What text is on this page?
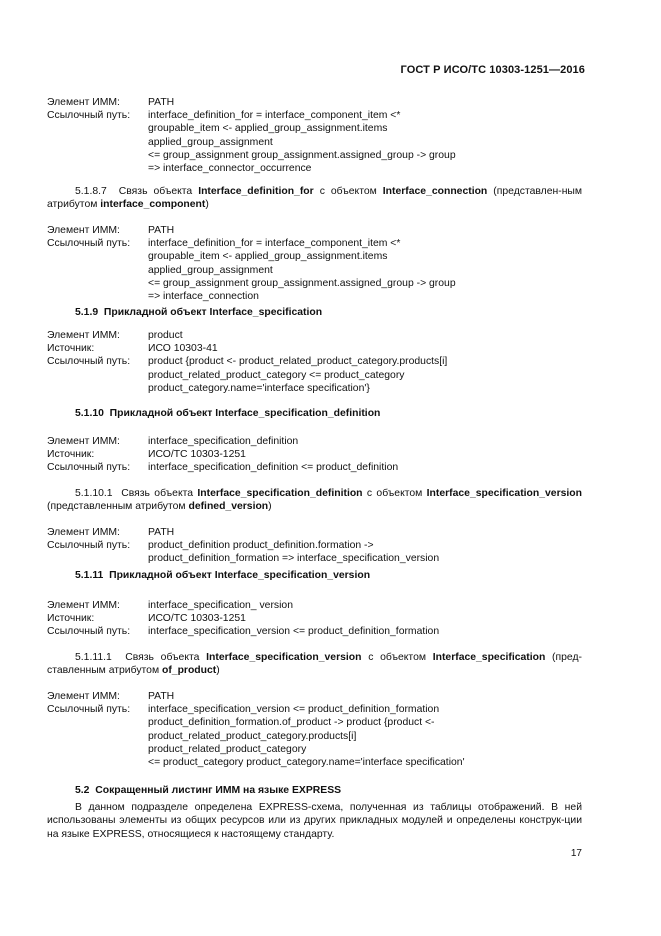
ГОСТ Р ИСО/ТС 10303-1251—2016
Элемент ИММ:	PATH
Ссылочный путь:	interface_definition_for = interface_component_item <*
groupable_item <- applied_group_assignment.items
applied_group_assignment
<= group_assignment group_assignment.assigned_group -> group
=> interface_connector_occurrence
5.1.8.7 Связь объекта Interface_definition_for с объектом Interface_connection (представлен-ным атрибутом interface_component)
Элемент ИММ:	PATH
Ссылочный путь:	interface_definition_for = interface_component_item <*
groupable_item <- applied_group_assignment.items
applied_group_assignment
<= group_assignment group_assignment.assigned_group -> group
=> interface_connection
5.1.9 Прикладной объект Interface_specification
Элемент ИММ:	product
Источник:	ИСО 10303-41
Ссылочный путь:	product {product <- product_related_product_category.products[i]
product_related_product_category <= product_category
product_category.name='interface specification'}
5.1.10 Прикладной объект Interface_specification_definition
Элемент ИММ:	interface_specification_definition
Источник:	ИСО/ТС 10303-1251
Ссылочный путь:	interface_specification_definition <= product_definition
5.1.10.1 Связь объекта Interface_specification_definition с объектом Interface_specification_version (представленным атрибутом defined_version)
Элемент ИММ:	PATH
Ссылочный путь:	product_definition product_definition.formation ->
product_definition_formation => interface_specification_version
5.1.11 Прикладной объект Interface_specification_version
Элемент ИММ:	interface_specification_ version
Источник:	ИСО/ТС 10303-1251
Ссылочный путь:	interface_specification_version <= product_definition_formation
5.1.11.1 Связь объекта Interface_specification_version с объектом Interface_specification (пред-ставленным атрибутом of_product)
Элемент ИММ:	PATH
Ссылочный путь:	interface_specification_version <= product_definition_formation
product_definition_formation.of_product -> product {product <-
product_related_product_category.products[i]
product_related_product_category
<= product_category product_category.name='interface specification'
5.2 Сокращенный листинг ИММ на языке EXPRESS
В данном подразделе определена EXPRESS-схема, полученная из таблицы отображений. В ней использованы элементы из общих ресурсов или из других прикладных модулей и определены конструк-ции на языке EXPRESS, относящиеся к настоящему стандарту.
17
